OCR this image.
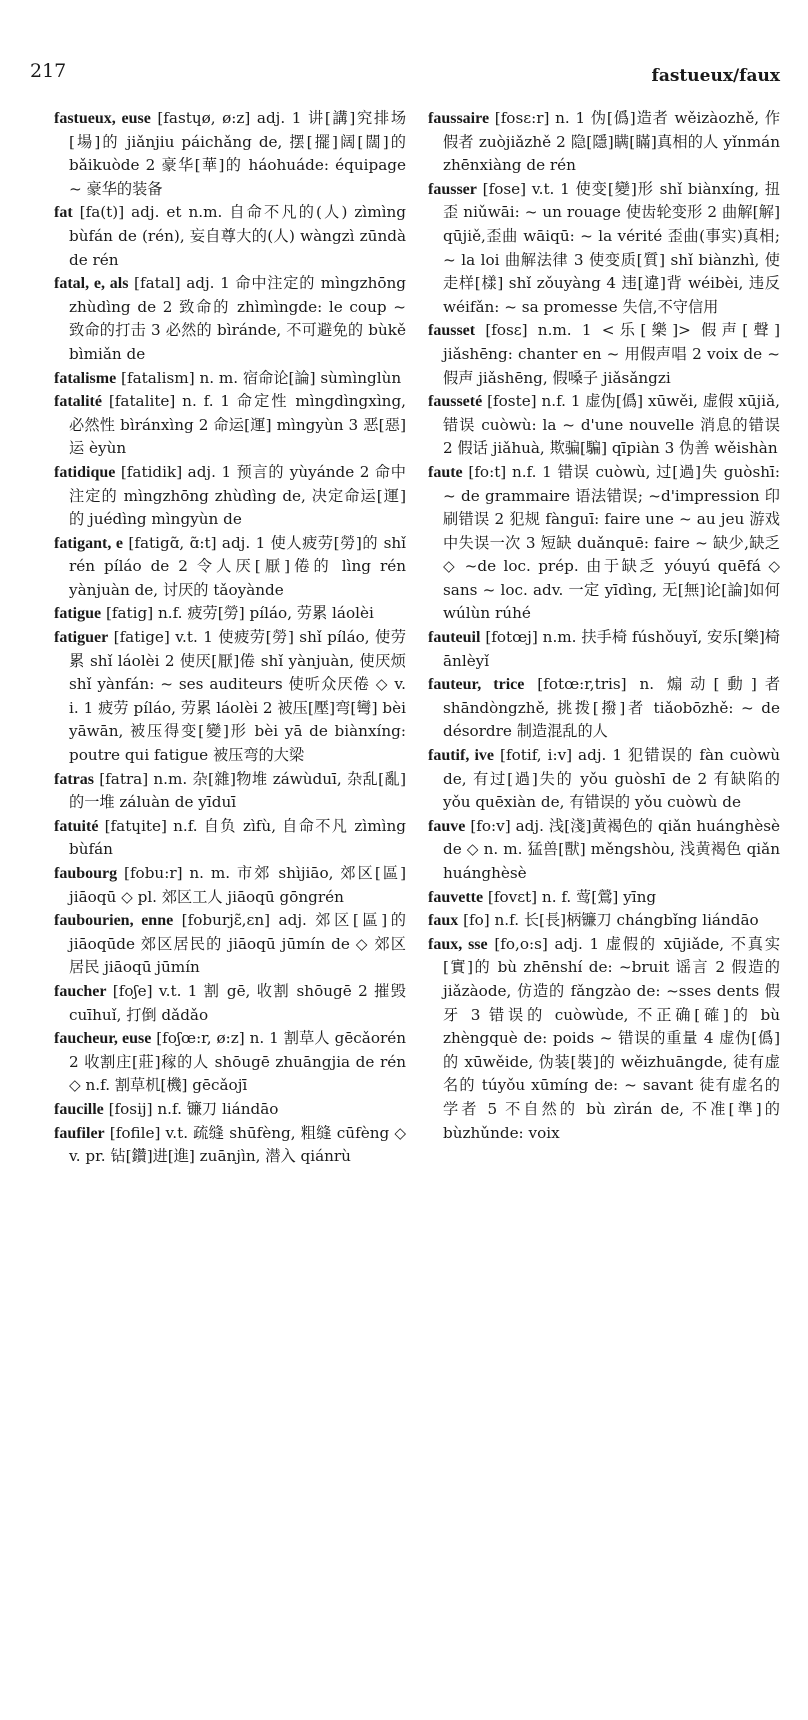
217	fastueux/faux

fastueux, euse [fastɥø, ø:z] adj. 1 讲[講]究排场[場]的 jiǎnjiu páichǎng de, 摆[擺]阔[闊]的 bǎikuòde 2 豪华[華]的 háohuáde: équipage ~ 豪华的装备

fat [fa(t)] adj. et n.m. 自命不凡的(人) zìmìng bùfán de (rén), 妄自尊大的(人) wàngzì zūndà de rén

fatal, e, als [fatal] adj. 1 命中注定的 mìngzhōng zhùdìng de 2 致命的 zhìmìngde: le coup ~ 致命的打击 3 必然的 bìránde, 不可避免的 bùkě bìmiǎn de

fatalisme [fatalism] n. m. 宿命论[論] sùmìnglùn

fatalité [fatalite] n. f. 1 命定性 mìngdìngxìng, 必然性 bìránxìng 2 命运[運] mìngyùn 3 恶[惡]运 èyùn

fatidique [fatidik] adj. 1 预言的 yùyánde 2 命中注定的 mìngzhōng zhùdìng de, 决定命运[運]的 juédìng mìngyùn de

fatigant, e [fatigɑ̃, ɑ̃:t] adj. 1 使人疲劳[勞]的 shǐ rén píláo de 2 令人厌[厭]倦的 lìng rén yànjuàn de, 讨厌的 tǎoyànde

fatigue [fatig] n.f. 疲劳[勞] píláo, 劳累 láolèi

fatiguer [fatige] v.t. 1 使疲劳[勞] shǐ píláo, 使劳累 shǐ láolèi 2 使厌[厭]倦 shǐ yànjuàn, 使厌烦 shǐ yànfán: ~ ses auditeurs 使听众厌倦 ◇ v. i. 1 疲劳 píláo, 劳累 láolèi 2 被压[壓]弯[彎] bèi yāwān, 被压得变[變]形 bèi yā de biànxíng: poutre qui fatigue 被压弯的大梁

fatras [fatra] n.m. 杂[雜]物堆 záwùduī, 杂乱[亂]的一堆 záluàn de yīduī

fatuité [fatɥite] n.f. 自负 zìfù, 自命不凡 zìmìng bùfán

faubourg [fobu:r] n. m. 市郊 shìjiāo, 郊区[區] jiāoqū ◇ pl. 郊区工人 jiāoqū gōngrén

faubourien, enne [foburjɛ̃,ɛn] adj. 郊区[區]的 jiāoqūde 郊区居民的 jiāoqū jūmín de ◇ 郊区居民 jiāoqū jūmín

faucher [foʃe] v.t. 1 割 gē, 收割 shōugē 2 摧毁 cuīhuǐ, 打倒 dǎdǎo

faucheur, euse [foʃœ:r, ø:z] n. 1 割草人 gēcǎorén 2 收割庄[莊]稼的人 shōugē zhuāngjia de rén ◇ n.f. 割草机[機] gēcǎojī

faucille [fosij] n.f. 镰刀 liándāo

faufiler [fofile] v.t. 疏缝 shūfèng, 粗缝 cūfèng ◇ v. pr. 钻[鑽]进[進] zuānjìn, 潜入 qiánrù

faussaire [fosɛ:r] n. 1 伪[僞]造者 wěizàozhě, 作假者 zuòjiǎzhě 2 隐[隱]瞒[瞞]真相的人 yǐnmán zhēnxiàng de rén

fausser [fose] v.t. 1 使变[變]形 shǐ biànxíng, 扭歪 niǔwāi: ~ un rouage 使齿轮变形 2 曲解[解] qūjiě,歪曲 wāiqū: ~ la vérité 歪曲(事实)真相; ~ la loi 曲解法律 3 使变质[質] shǐ biànzhì, 使走样[樣] shǐ zǒuyàng 4 违[違]背 wéibèi, 违反 wéifǎn: ~ sa promesse 失信,不守信用

fausset [fosɛ] n.m. 1 <乐[樂]> 假声[聲] jiǎshēng: chanter en ~ 用假声唱 2 voix de ~ 假声 jiǎshēng, 假嗓子 jiǎsǎngzi

fausseté [foste] n.f. 1 虚伪[僞] xūwěi, 虚假 xūjiǎ, 错误 cuòwù: la ~ d'une nouvelle 消息的错误 2 假话 jiǎhuà, 欺骗[騙] qīpiàn 3 伪善 wěishàn

faute [fo:t] n.f. 1 错误 cuòwù, 过[過]失 guòshī: ~ de grammaire 语法错误; ~d'impression 印刷错误 2 犯规 fànguī: faire une ~ au jeu 游戏中失误一次 3 短缺 duǎnquē: faire ~ 缺少,缺乏 ◇ ~de loc. prép. 由于缺乏 yóuyú quēfá ◇ sans ~ loc. adv. 一定 yīdìng, 无[無]论[論]如何 wúlùn rúhé

fauteuil [fotœj] n.m. 扶手椅 fúshǒuyǐ, 安乐[樂]椅 ānlèyǐ

fauteur, trice [fotœ:r,tris] n. 煽动[動]者 shāndòngzhě, 挑拨[撥]者 tiǎobōzhě: ~ de désordre 制造混乱的人

fautif, ive [fotif, i:v] adj. 1 犯错误的 fàn cuòwù de, 有过[過]失的 yǒu guòshī de 2 有缺陷的 yǒu quēxiàn de, 有错误的 yǒu cuòwù de

fauve [fo:v] adj. 浅[淺]黄褐色的 qiǎn huánghèsè de ◇ n. m. 猛兽[獸] měngshòu, 浅黄褐色 qiǎn huánghèsè

fauvette [fovɛt] n. f. 莺[鶯] yīng

faux [fo] n.f. 长[長]柄镰刀 chángbǐng liándāo

faux, sse [fo,o:s] adj. 1 虚假的 xūjiǎde, 不真实[實]的 bù zhēnshí de: ~bruit 谣言 2 假造的 jiǎzàode, 仿造的 fǎngzào de: ~sses dents 假牙 3 错误的 cuòwùde, 不正确[確]的 bù zhèngquè de: poids ~ 错误的重量 4 虚伪[僞]的 xūwěide, 伪装[裝]的 wěizhuāngde, 徒有虚名的 túyǒu xūmíng de: ~ savant 徒有虚名的学者 5 不自然的 bù zìrán de, 不准[準]的 bùzhǔnde: voix
